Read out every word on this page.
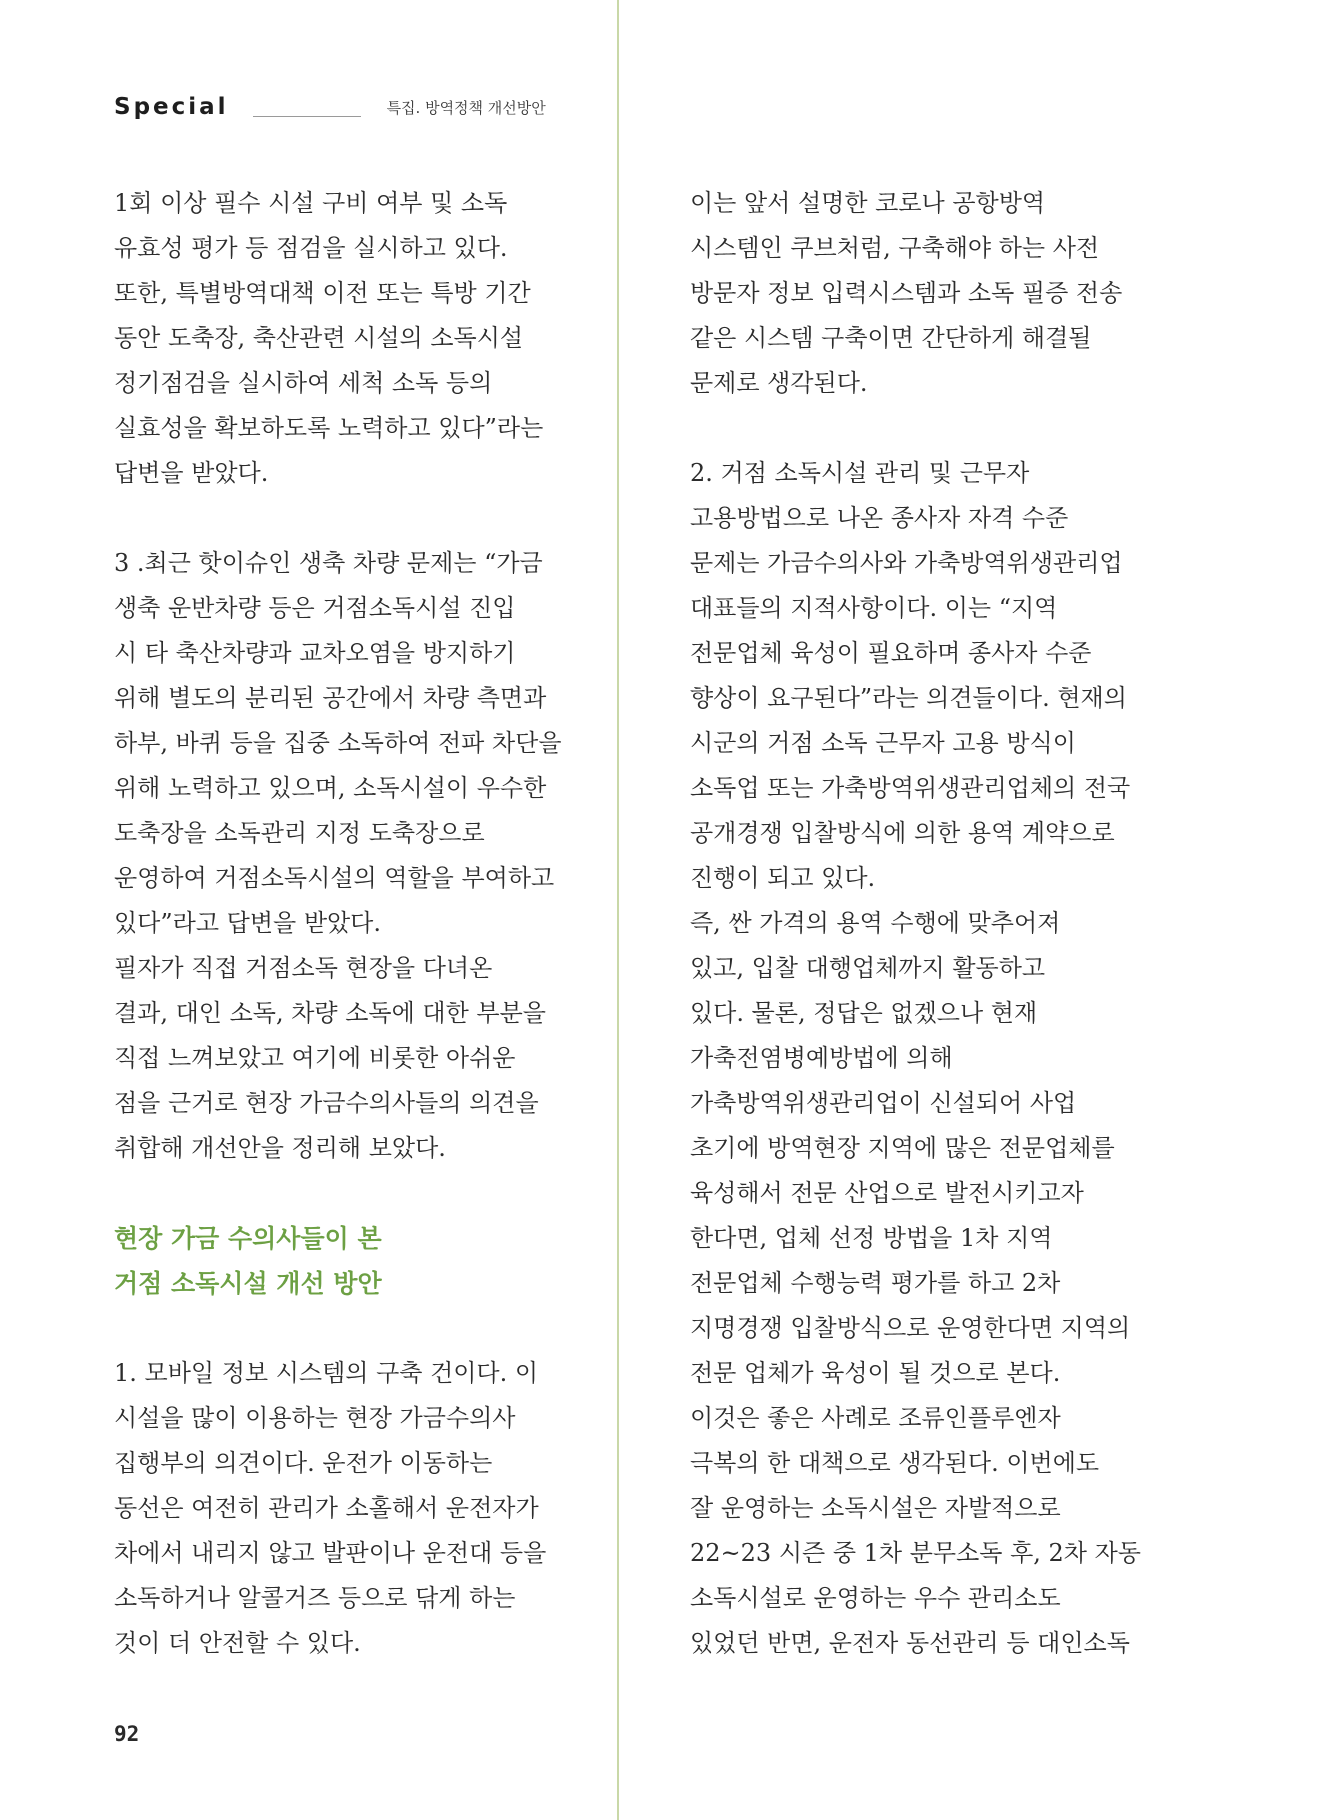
Special	특집. 방역정책 개선방안
1회 이상 필수 시설 구비 여부 및 소독
유효성 평가 등 점검을 실시하고 있다.
또한, 특별방역대책 이전 또는 특방 기간
동안 도축장, 축산관련 시설의 소독시설
정기점검을 실시하여 세척 소독 등의
실효성을 확보하도록 노력하고 있다”라는
답변을 받았다.
3 .최근 핫이슈인 생축 차량 문제는 “가금
생축 운반차량 등은 거점소독시설 진입
시 타 축산차량과 교차오염을 방지하기
위해 별도의 분리된 공간에서 차량 측면과
하부, 바퀴 등을 집중 소독하여 전파 차단을
위해 노력하고 있으며, 소독시설이 우수한
도축장을 소독관리 지정 도축장으로
운영하여 거점소독시설의 역할을 부여하고
있다”라고 답변을 받았다.
필자가 직접 거점소독 현장을 다녀온
결과, 대인 소독, 차량 소독에 대한 부분을
직접 느껴보았고 여기에 비롯한 아쉬운
점을 근거로 현장 가금수의사들의 의견을
취합해 개선안을 정리해 보았다.
현장 가금 수의사들이 본
거점 소독시설 개선 방안
1. 모바일 정보 시스템의 구축 건이다. 이
시설을 많이 이용하는 현장 가금수의사
집행부의 의견이다. 운전가 이동하는
동선은 여전히 관리가 소홀해서 운전자가
차에서 내리지 않고 발판이나 운전대 등을
소독하거나 알콜거즈 등으로 닦게 하는
것이 더 안전할 수 있다.
이는 앞서 설명한 코로나 공항방역
시스템인 쿠브처럼, 구축해야 하는 사전
방문자 정보 입력시스템과 소독 필증 전송
같은 시스템 구축이면 간단하게 해결될
문제로 생각된다.
2. 거점 소독시설 관리 및 근무자
고용방법으로 나온 종사자 자격 수준
문제는 가금수의사와 가축방역위생관리업
대표들의 지적사항이다. 이는 “지역
전문업체 육성이 필요하며 종사자 수준
향상이 요구된다”라는 의견들이다. 현재의
시군의 거점 소독 근무자 고용 방식이
소독업 또는 가축방역위생관리업체의 전국
공개경쟁 입찰방식에 의한 용역 계약으로
진행이 되고 있다.
즉, 싼 가격의 용역 수행에 맞추어져
있고, 입찰 대행업체까지 활동하고
있다. 물론, 정답은 없겠으나 현재
가축전염병예방법에 의해
가축방역위생관리업이 신설되어 사업
초기에 방역현장 지역에 많은 전문업체를
육성해서 전문 산업으로 발전시키고자
한다면, 업체 선정 방법을 1차 지역
전문업체 수행능력 평가를 하고 2차
지명경쟁 입찰방식으로 운영한다면 지역의
전문 업체가 육성이 될 것으로 본다.
이것은 좋은 사례로 조류인플루엔자
극복의 한 대책으로 생각된다. 이번에도
잘 운영하는 소독시설은 자발적으로
22~23 시즌 중 1차 분무소독 후, 2차 자동
소독시설로 운영하는 우수 관리소도
있었던 반면, 운전자 동선관리 등 대인소독
92
